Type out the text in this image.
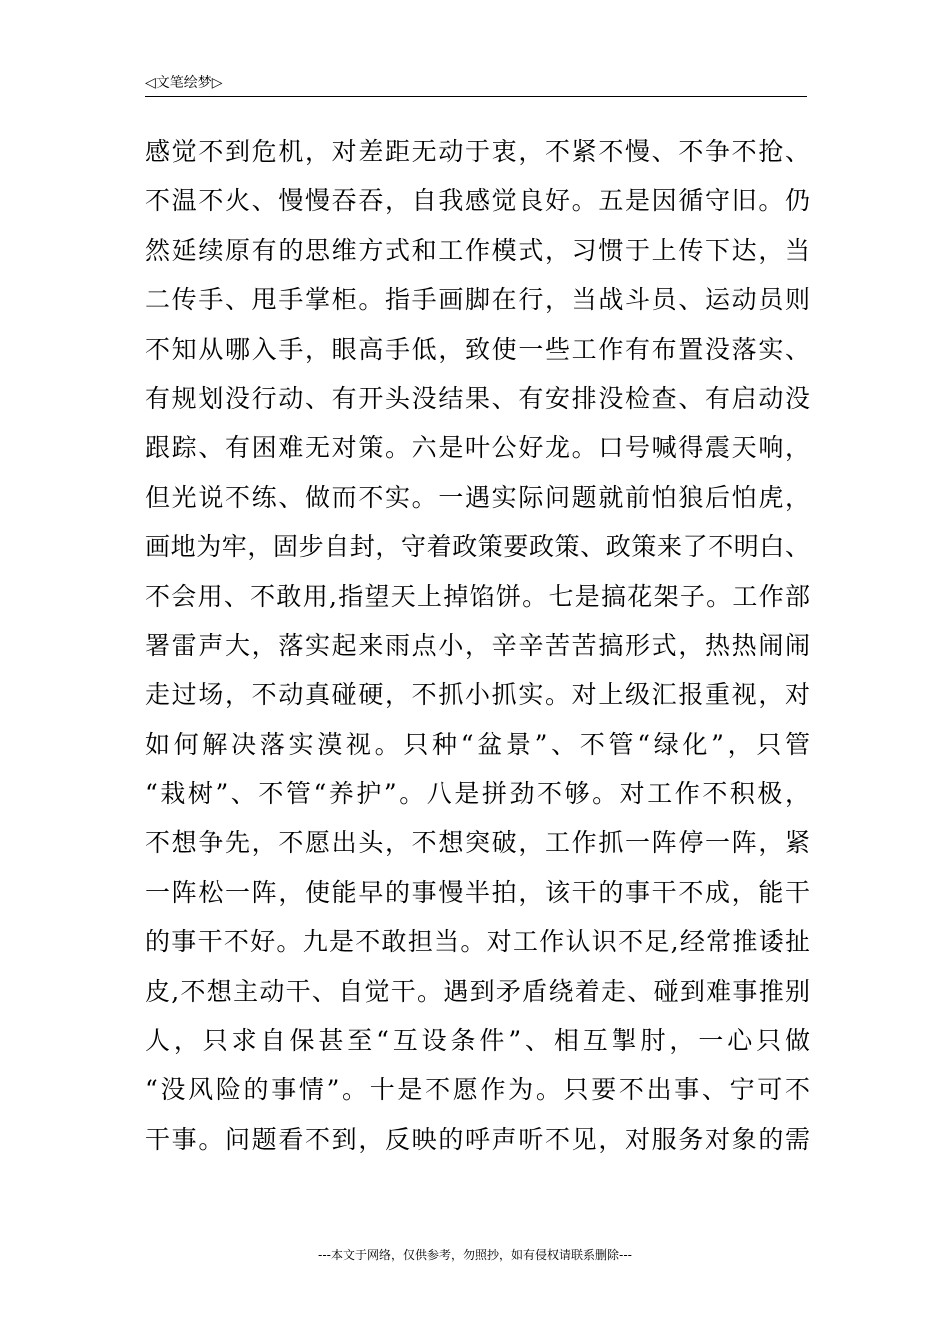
◁文笔绘梦▷
感觉不到危机，对差距无动于衷，不紧不慢、不争不抢、
不温不火、慢慢吞吞，自我感觉良好。五是因循守旧。仍
然延续原有的思维方式和工作模式，习惯于上传下达，当
二传手、甩手掌柜。指手画脚在行，当战斗员、运动员则
不知从哪入手，眼高手低，致使一些工作有布置没落实、
有规划没行动、有开头没结果、有安排没检查、有启动没
跟踪、有困难无对策。六是叶公好龙。口号喊得震天响，
但光说不练、做而不实。一遇实际问题就前怕狼后怕虎，
画地为牢，固步自封，守着政策要政策、政策来了不明白、
不会用、不敢用,指望天上掉馅饼。七是搞花架子。工作部
署雷声大，落实起来雨点小，辛辛苦苦搞形式，热热闹闹
走过场，不动真碰硬，不抓小抓实。对上级汇报重视，对
如何解决落实漠视。只种“盆景”、不管“绿化”，只管
“栽树”、不管“养护”。八是拼劲不够。对工作不积极，
不想争先，不愿出头，不想突破，工作抓一阵停一阵，紧
一阵松一阵，使能早的事慢半拍，该干的事干不成，能干
的事干不好。九是不敢担当。对工作认识不足,经常推诿扯
皮,不想主动干、自觉干。遇到矛盾绕着走、碰到难事推别
人，只求自保甚至“互设条件”、相互掣肘，一心只做
“没风险的事情”。十是不愿作为。只要不出事、宁可不
干事。问题看不到，反映的呼声听不见，对服务对象的需
---本文于网络，仅供参考，勿照抄，如有侵权请联系删除---
